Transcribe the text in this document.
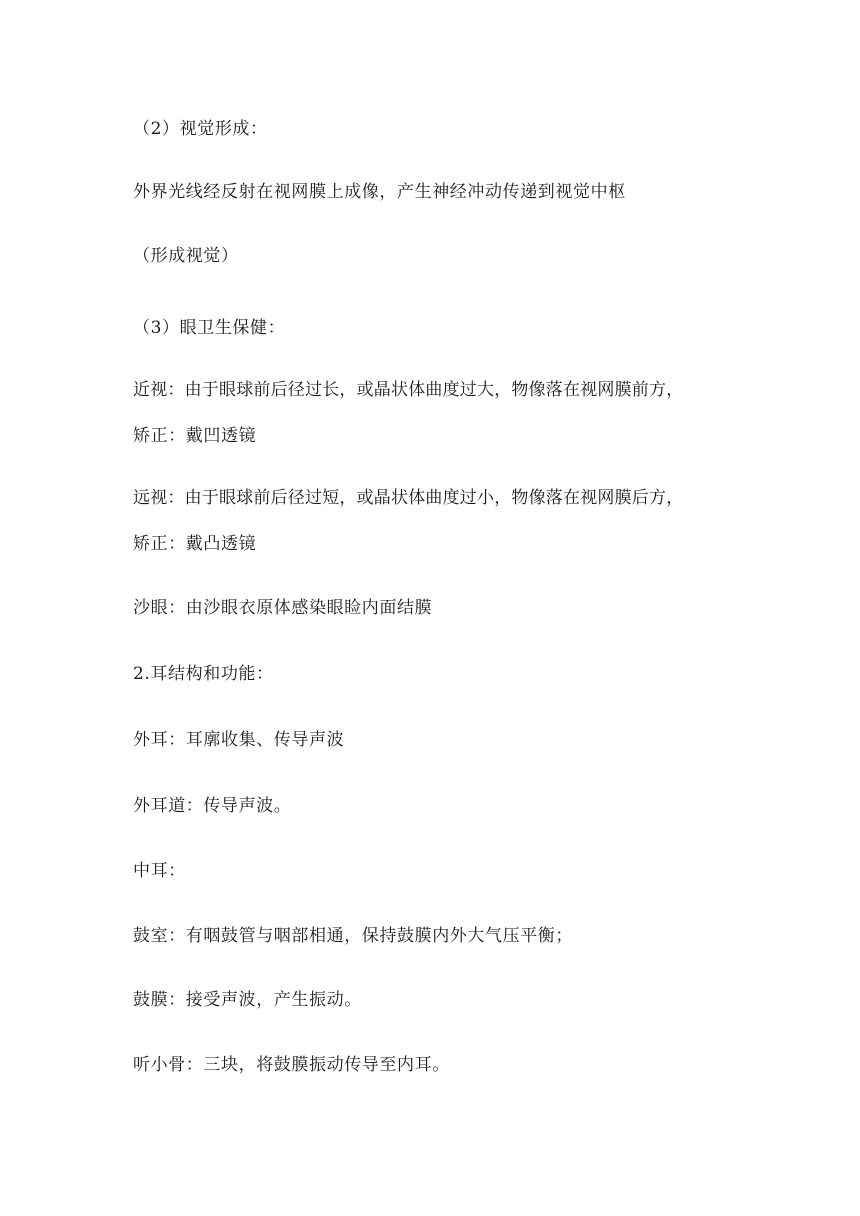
（2）视觉形成：
外界光线经反射在视网膜上成像，产生神经冲动传递到视觉中枢
（形成视觉）
（3）眼卫生保健：
近视：由于眼球前后径过长，或晶状体曲度过大，物像落在视网膜前方，
矫正：戴凹透镜
远视：由于眼球前后径过短，或晶状体曲度过小，物像落在视网膜后方，
矫正：戴凸透镜
沙眼：由沙眼衣原体感染眼睑内面结膜
2.耳结构和功能：
外耳：耳廓收集、传导声波
外耳道：传导声波。
中耳：
鼓室：有咽鼓管与咽部相通，保持鼓膜内外大气压平衡；
鼓膜：接受声波，产生振动。
听小骨：三块，将鼓膜振动传导至内耳。
